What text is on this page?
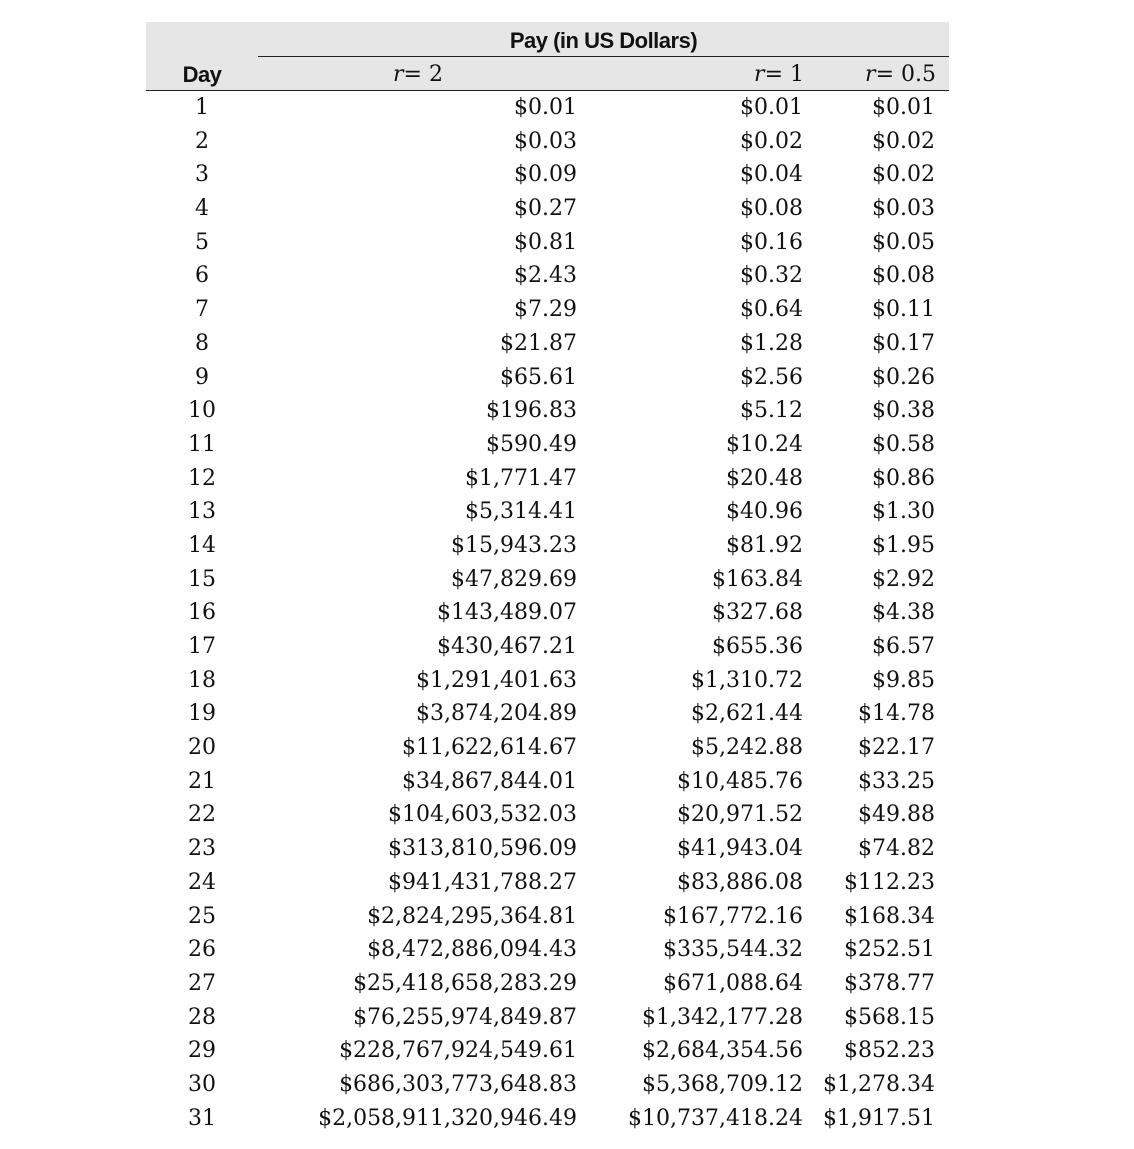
Pay (in US Dollars)
Day	r= 2	r= 1	r= 0.5
1	$0.01	$0.01	$0.01
2	$0.03	$0.02	$0.02
3	$0.09	$0.04	$0.02
4	$0.27	$0.08	$0.03
5	$0.81	$0.16	$0.05
6	$2.43	$0.32	$0.08
7	$7.29	$0.64	$0.11
8	$21.87	$1.28	$0.17
9	$65.61	$2.56	$0.26
10	$196.83	$5.12	$0.38
11	$590.49	$10.24	$0.58
12	$1,771.47	$20.48	$0.86
13	$5,314.41	$40.96	$1.30
14	$15,943.23	$81.92	$1.95
15	$47,829.69	$163.84	$2.92
16	$143,489.07	$327.68	$4.38
17	$430,467.21	$655.36	$6.57
18	$1,291,401.63	$1,310.72	$9.85
19	$3,874,204.89	$2,621.44	$14.78
20	$11,622,614.67	$5,242.88	$22.17
21	$34,867,844.01	$10,485.76	$33.25
22	$104,603,532.03	$20,971.52	$49.88
23	$313,810,596.09	$41,943.04	$74.82
24	$941,431,788.27	$83,886.08	$112.23
25	$2,824,295,364.81	$167,772.16	$168.34
26	$8,472,886,094.43	$335,544.32	$252.51
27	$25,418,658,283.29	$671,088.64	$378.77
28	$76,255,974,849.87	$1,342,177.28	$568.15
29	$228,767,924,549.61	$2,684,354.56	$852.23
30	$686,303,773,648.83	$5,368,709.12 $1,278.34
31	$2,058,911,320,946.49	$10,737,418.24 $1,917.51
